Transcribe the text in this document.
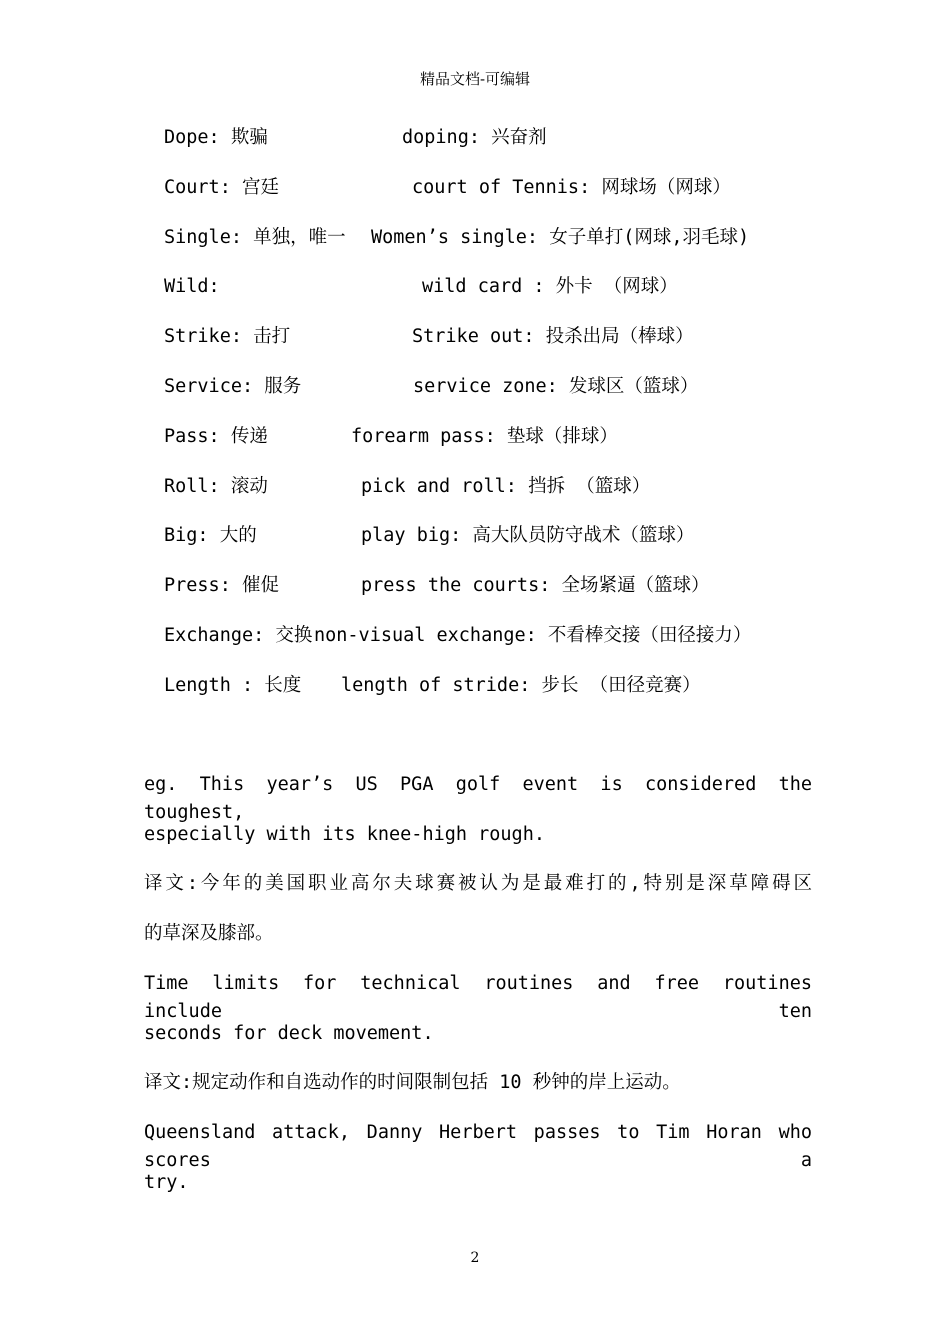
精品文档-可编辑
Dope: 欺骗	doping: 兴奋剂
Court: 宫廷	court of Tennis: 网球场（网球）
Single: 单独，唯一 Women’s single: 女子单打(网球,羽毛球)
Wild:	wild card : 外卡 （网球）
Strike: 击打	Strike out: 投杀出局（棒球）
Service: 服务	service zone: 发球区（篮球）
Pass: 传递	forearm pass: 垫球（排球）
Roll: 滚动	pick and roll: 挡拆 （篮球）
Big: 大的	play big: 高大队员防守战术（篮球）
Press: 催促	press the courts: 全场紧逼（篮球）
Exchange: 交换 non-visual exchange: 不看棒交接（田径接力）
Length : 长度 length of stride: 步长 （田径竞赛）
eg. This year’s US PGA golf event is considered the toughest,
especially with its knee-high rough.
译文:今年的美国职业高尔夫球赛被认为是最难打的,特别是深草障碍区
的草深及膝部。
Time limits for technical routines and free routines include ten
seconds for deck movement.
译文:规定动作和自选动作的时间限制包括 10 秒钟的岸上运动。
Queensland attack, Danny Herbert passes to Tim Horan who scores a
try.
2
